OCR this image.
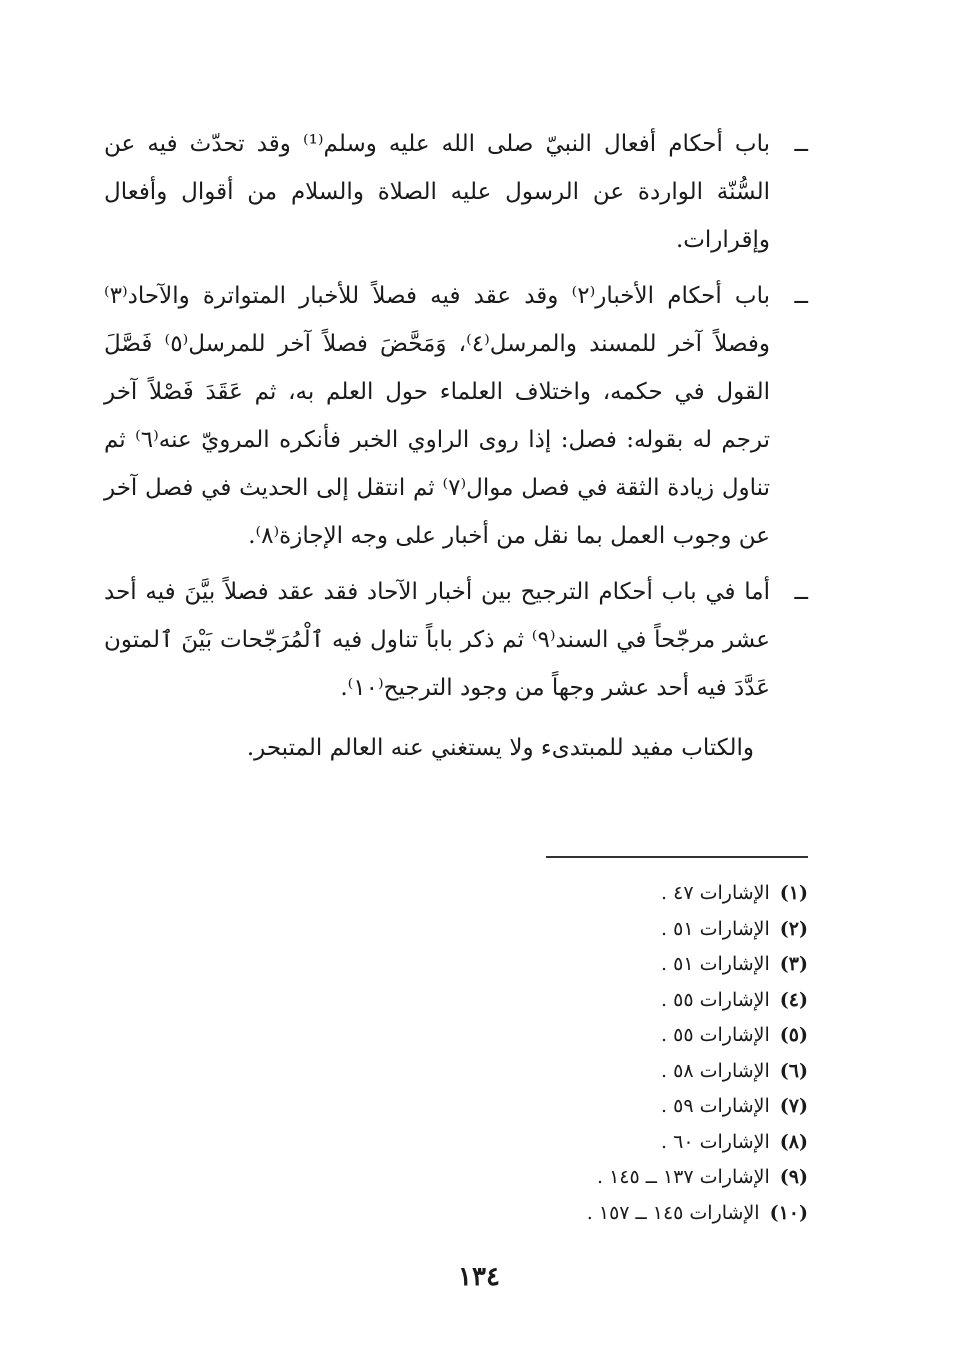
ــ
باب أحكام أفعال النبيّ صلى الله عليه وسلم⁽¹⁾ وقد تحدّث فيه عن السُّنّة الواردة عن الرسول عليه الصلاة والسلام من أقوال وأفعال وإقرارات.

ــ
باب أحكام الأخبار⁽٢⁾ وقد عقد فيه فصلاً للأخبار المتواترة والآحاد⁽٣⁾ وفصلاً آخر للمسند والمرسل⁽٤⁾، وَمَحَّضَ فصلاً آخر للمرسل⁽٥⁾ فَصَّلَ القول في حكمه، واختلاف العلماء حول العلم به، ثم عَقَدَ فَصْلاً آخر ترجم له بقوله: فصل: إذا روى الراوي الخبر فأنكره المرويّ عنه⁽٦⁾ ثم تناول زيادة الثقة في فصل موال⁽٧⁾ ثم انتقل إلى الحديث في فصل آخر عن وجوب العمل بما نقل من أخبار على وجه الإجازة⁽٨⁾.

ــ
أما في باب أحكام الترجيح بين أخبار الآحاد فقد عقد فصلاً بيَّنَ فيه أحد عشر مرجّحاً في السند⁽٩⁾ ثم ذكر باباً تناول فيه ٱلْمُرَجّحات بَيْنَ ٱلمتون عَدَّدَ فيه أحد عشر وجهاً من وجود الترجيح⁽١٠⁾.

والكتاب مفيد للمبتدىء ولا يستغني عنه العالم المتبحر.

(١)الإشارات ٤٧ .
(٢)الإشارات ٥١ .
(٣)الإشارات ٥١ .
(٤)الإشارات ٥٥ .
(٥)الإشارات ٥٥ .
(٦)الإشارات ٥٨ .
(٧)الإشارات ٥٩ .
(٨)الإشارات ٦٠ .
(٩)الإشارات ١٣٧ ــ ١٤٥ .
(١٠)الإشارات ١٤٥ ــ ١٥٧ .
١٣٤
